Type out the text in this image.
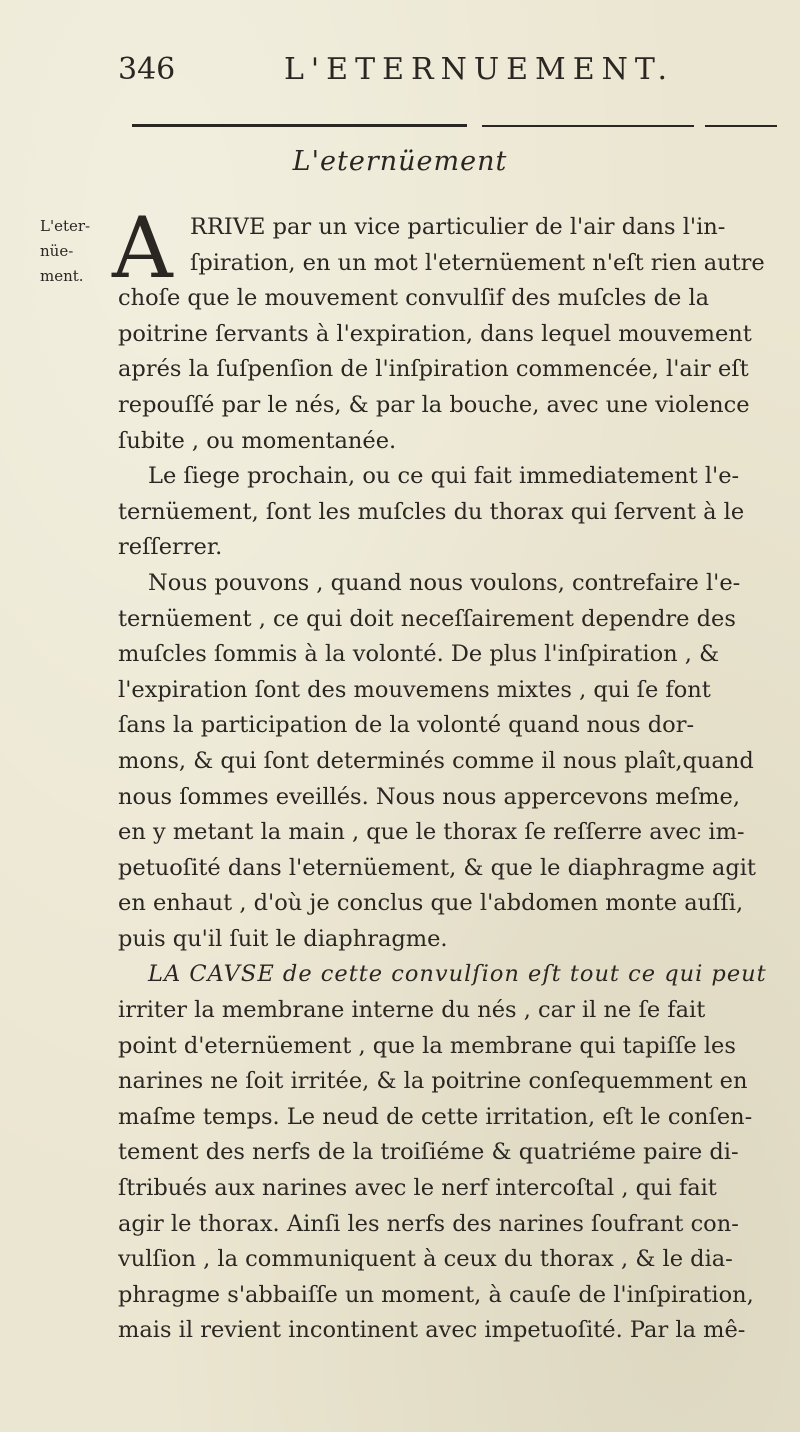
346	L'ETERNUEMENT.
L'eternüement
L'eter-
nüe-
ment. A RRIVE par un vice particulier de l'air dans l'in-
ſpiration, en un mot l'eternüement n'eſt rien autre
choſe que le mouvement convulſif des muſcles de la
poitrine ſervants à l'expiration, dans lequel mouvement
aprés la ſuſpenſion de l'inſpiration commencée, l'air eſt
repouſſé par le nés, & par la bouche, avec une violence
ſubite , ou momentanée.
Le ſiege prochain, ou ce qui fait immediatement l'e-
ternüement, ſont les muſcles du thorax qui ſervent à le
reſſerrer.
Nous pouvons , quand nous voulons, contrefaire l'e-
ternüement , ce qui doit neceſſairement dependre des
muſcles ſommis à la volonté. De plus l'inſpiration , &
l'expiration ſont des mouvemens mixtes , qui ſe font
ſans la participation de la volonté quand nous dor-
mons, & qui ſont determinés comme il nous plaît,quand
nous ſommes eveillés. Nous nous appercevons meſme,
en y metant la main , que le thorax ſe reſſerre avec im-
petuoſité dans l'eternüement, & que le diaphragme agit
en enhaut , d'où je conclus que l'abdomen monte auſſi,
puis qu'il ſuit le diaphragme.
LA CAVSE de cette convulſion eſt tout ce qui peut
irriter la membrane interne du nés , car il ne ſe fait
point d'eternüement , que la membrane qui tapiſſe les
narines ne ſoit irritée, & la poitrine conſequemment en
maſme temps. Le neud de cette irritation, eſt le conſen-
tement des nerfs de la troiſiéme & quatriéme paire di-
ſtribués aux narines avec le nerf intercoſtal , qui fait
agir le thorax. Ainſi les nerfs des narines ſoufrant con-
vulſion , la communiquent à ceux du thorax , & le dia-
phragme s'abbaiſſe un moment, à cauſe de l'inſpiration,
mais il revient incontinent avec impetuoſité. Par la mê-
